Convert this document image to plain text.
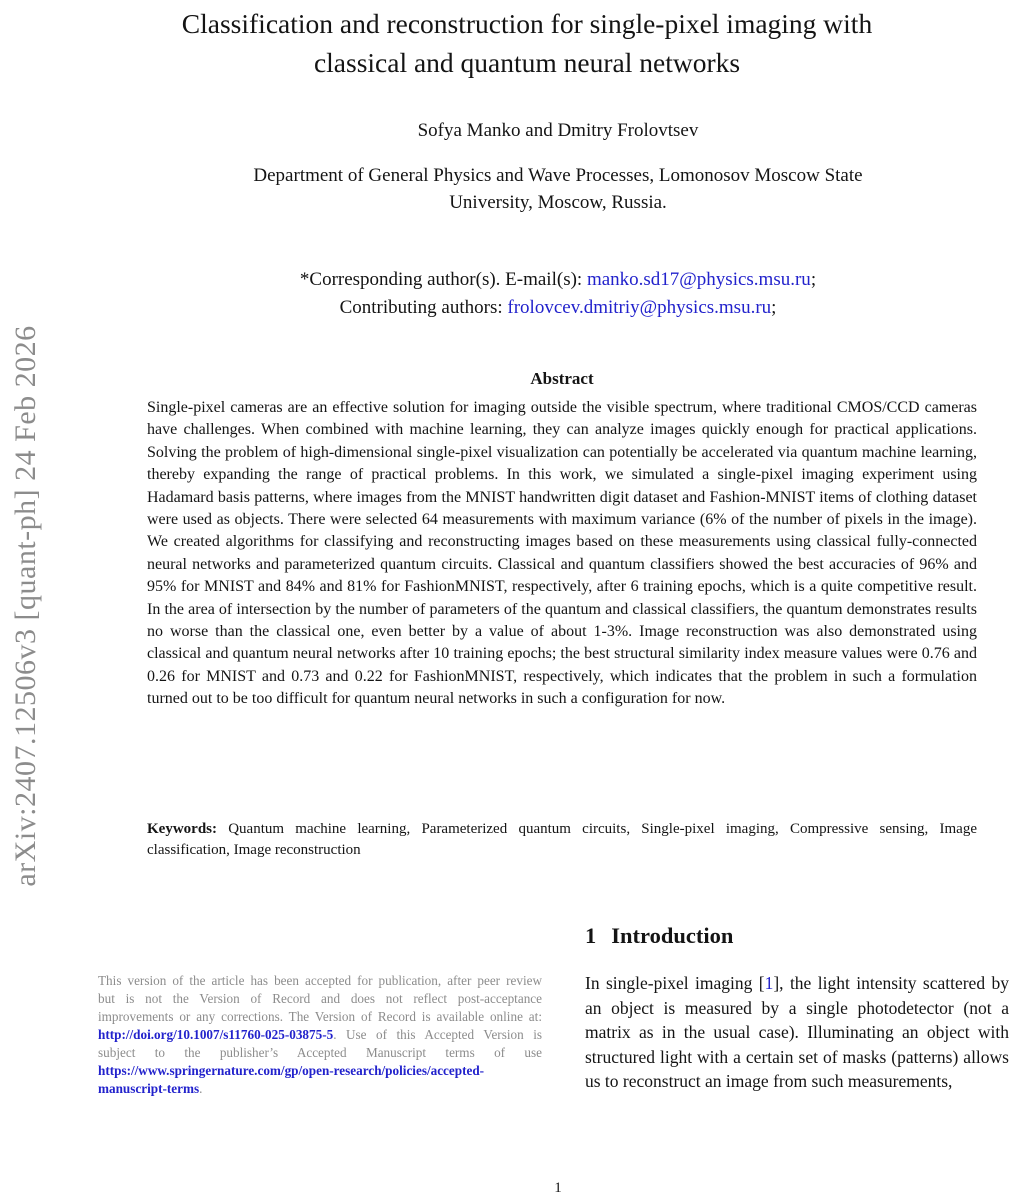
arXiv:2407.12506v3 [quant-ph] 24 Feb 2026
Classification and reconstruction for single-pixel imaging with
classical and quantum neural networks
Sofya Manko and Dmitry Frolovtsev
Department of General Physics and Wave Processes, Lomonosov Moscow State
University, Moscow, Russia.
*Corresponding author(s). E-mail(s): manko.sd17@physics.msu.ru;
Contributing authors: frolovcev.dmitriy@physics.msu.ru;
Abstract
Single-pixel cameras are an effective solution for imaging outside the visible spectrum, where traditional CMOS/CCD cameras have challenges. When combined with machine learning, they can analyze images quickly enough for practical applications. Solving the problem of high-dimensional single-pixel visualization can potentially be accelerated via quantum machine learning, thereby expanding the range of practical problems. In this work, we simulated a single-pixel imaging experiment using Hadamard basis patterns, where images from the MNIST handwritten digit dataset and Fashion-MNIST items of clothing dataset were used as objects. There were selected 64 measurements with maximum variance (6% of the number of pixels in the image). We created algorithms for classifying and reconstructing images based on these measurements using classical fully-connected neural networks and parameterized quantum circuits. Classical and quantum classifiers showed the best accuracies of 96% and 95% for MNIST and 84% and 81% for FashionMNIST, respectively, after 6 training epochs, which is a quite competitive result. In the area of intersection by the number of parameters of the quantum and classical classifiers, the quantum demonstrates results no worse than the classical one, even better by a value of about 1-3%. Image reconstruction was also demonstrated using classical and quantum neural networks after 10 training epochs; the best structural similarity index measure values were 0.76 and 0.26 for MNIST and 0.73 and 0.22 for FashionMNIST, respectively, which indicates that the problem in such a formulation turned out to be too difficult for quantum neural networks in such a configuration for now.
Keywords: Quantum machine learning, Parameterized quantum circuits, Single-pixel imaging, Compressive sensing, Image classification, Image reconstruction
This version of the article has been accepted for publication, after peer review but is not the Version of Record and does not reflect post-acceptance improvements or any corrections. The Version of Record is available online at: http://doi.org/10.1007/s11760-025-03875-5. Use of this Accepted Version is subject to the publisher’s Accepted Manuscript terms of use https://www.springernature.com/gp/open-research/policies/accepted-manuscript-terms.
1 Introduction
In single-pixel imaging [1], the light intensity scattered by an object is measured by a single photodetector (not a matrix as in the usual case). Illuminating an object with structured light with a certain set of masks (patterns) allows us to reconstruct an image from such measurements,
1
